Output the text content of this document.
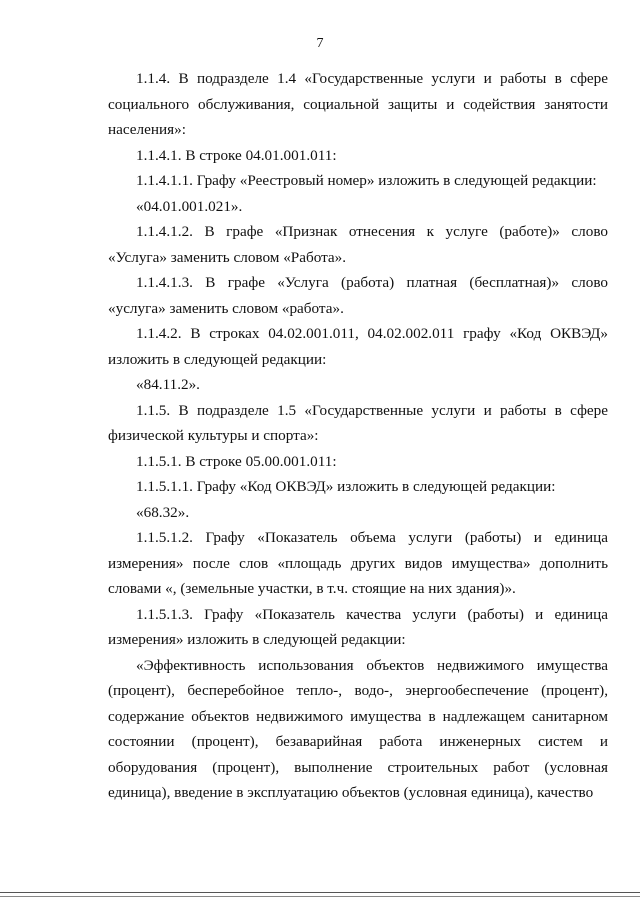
7

1.1.4. В подразделе 1.4 «Государственные услуги и работы в сфере социального обслуживания, социальной защиты и содействия занятости населения»:

1.1.4.1. В строке 04.01.001.011:

1.1.4.1.1. Графу «Реестровый номер» изложить в следующей редакции:

«04.01.001.021».

1.1.4.1.2. В графе «Признак отнесения к услуге (работе)» слово «Услуга» заменить словом «Работа».

1.1.4.1.3. В графе «Услуга (работа) платная (бесплатная)» слово «услуга» заменить словом «работа».

1.1.4.2. В строках 04.02.001.011, 04.02.002.011 графу «Код ОКВЭД» изложить в следующей редакции:

«84.11.2».

1.1.5. В подразделе 1.5 «Государственные услуги и работы в сфере физической культуры и спорта»:

1.1.5.1. В строке 05.00.001.011:

1.1.5.1.1. Графу «Код ОКВЭД» изложить в следующей редакции:

«68.32».

1.1.5.1.2. Графу «Показатель объема услуги (работы) и единица измерения» после слов «площадь других видов имущества» дополнить словами «, (земельные участки, в т.ч. стоящие на них здания)».

1.1.5.1.3. Графу «Показатель качества услуги (работы) и единица измерения» изложить в следующей редакции:

«Эффективность использования объектов недвижимого имущества (процент), бесперебойное тепло-, водо-, энергообеспечение (процент), содержание объектов недвижимого имущества в надлежащем санитарном состоянии (процент), безаварийная работа инженерных систем и оборудования (процент), выполнение строительных работ (условная единица), введение в эксплуатацию объектов (условная единица), качество
